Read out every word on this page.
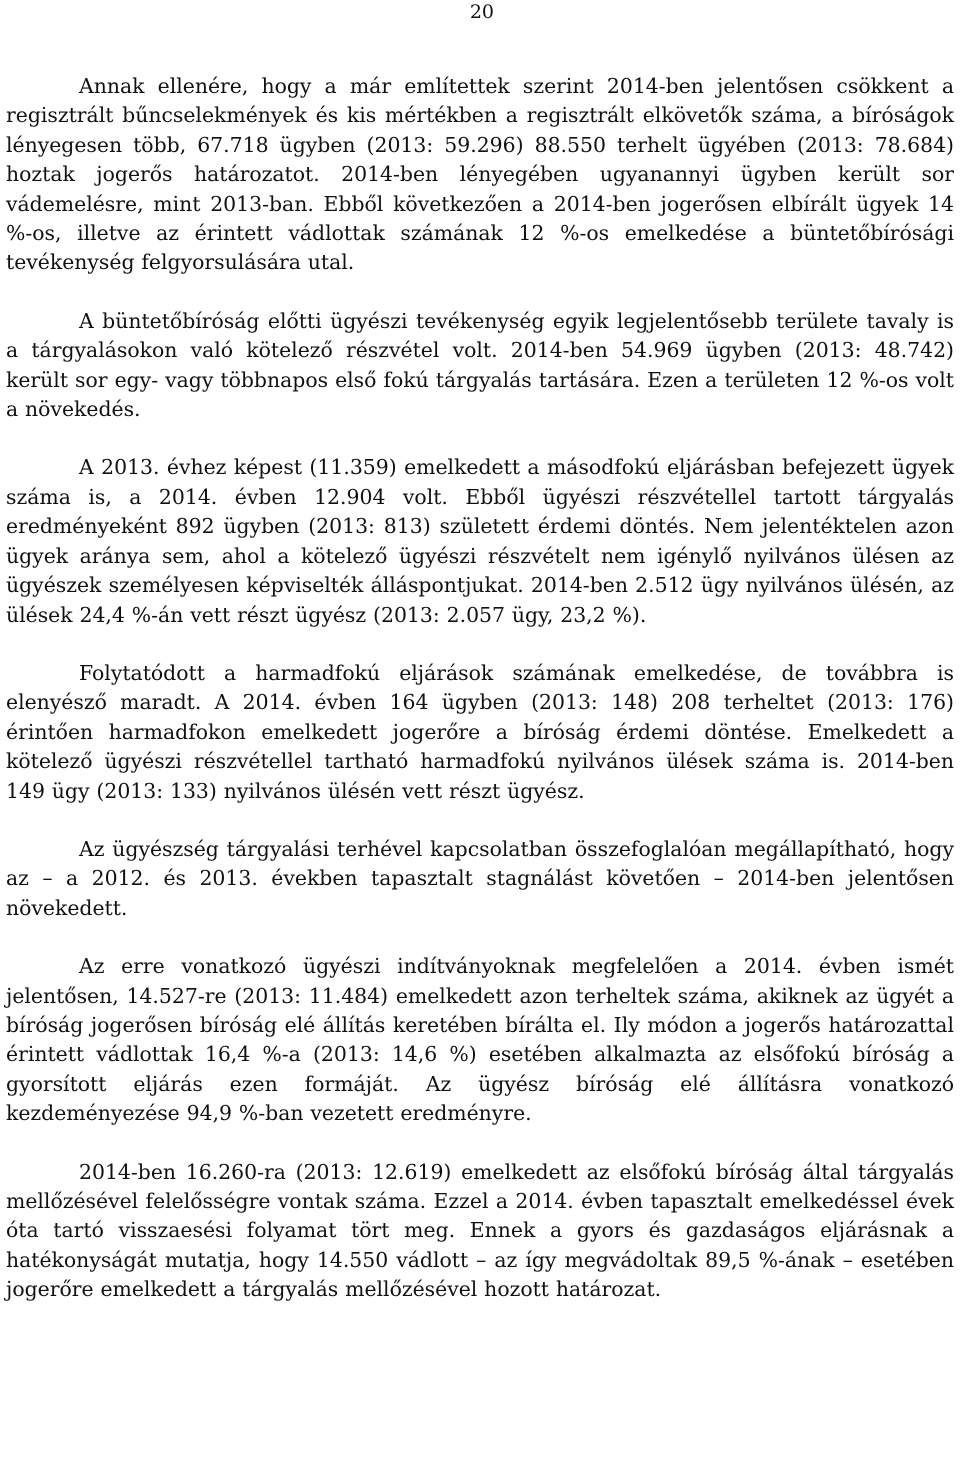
20

Annak ellenére, hogy a már említettek szerint 2014-ben jelentősen csökkent a regisztrált bűncselekmények és kis mértékben a regisztrált elkövetők száma, a bíróságok lényegesen több, 67.718 ügyben (2013: 59.296) 88.550 terhelt ügyében (2013: 78.684) hoztak jogerős határozatot. 2014-ben lényegében ugyanannyi ügyben került sor vádemelésre, mint 2013-ban. Ebből következően a 2014-ben jogerősen elbírált ügyek 14 %-os, illetve az érintett vádlottak számának 12 %-os emelkedése a büntetőbírósági tevékenység felgyorsulására utal.

A büntetőbíróság előtti ügyészi tevékenység egyik legjelentősebb területe tavaly is a tárgyalásokon való kötelező részvétel volt. 2014-ben 54.969 ügyben (2013: 48.742) került sor egy- vagy többnapos első fokú tárgyalás tartására. Ezen a területen 12 %-os volt a növekedés.

A 2013. évhez képest (11.359) emelkedett a másodfokú eljárásban befejezett ügyek száma is, a 2014. évben 12.904 volt. Ebből ügyészi részvétellel tartott tárgyalás eredményeként 892 ügyben (2013: 813) született érdemi döntés. Nem jelentéktelen azon ügyek aránya sem, ahol a kötelező ügyészi részvételt nem igénylő nyilvános ülésen az ügyészek személyesen képviselték álláspontjukat. 2014-ben 2.512 ügy nyilvános ülésén, az ülések 24,4 %-án vett részt ügyész (2013: 2.057 ügy, 23,2 %).

Folytatódott a harmadfokú eljárások számának emelkedése, de továbbra is elenyésző maradt. A 2014. évben 164 ügyben (2013: 148) 208 terheltet (2013: 176) érintően harmadfokon emelkedett jogerőre a bíróság érdemi döntése. Emelkedett a kötelező ügyészi részvétellel tartható harmadfokú nyilvános ülések száma is. 2014-ben 149 ügy (2013: 133) nyilvános ülésén vett részt ügyész.

Az ügyészség tárgyalási terhével kapcsolatban összefoglalóan megállapítható, hogy az – a 2012. és 2013. években tapasztalt stagnálást követően – 2014-ben jelentősen növekedett.

Az erre vonatkozó ügyészi indítványoknak megfelelően a 2014. évben ismét jelentősen, 14.527-re (2013: 11.484) emelkedett azon terheltek száma, akiknek az ügyét a bíróság jogerősen bíróság elé állítás keretében bírálta el. Ily módon a jogerős határozattal érintett vádlottak 16,4 %-a (2013: 14,6 %) esetében alkalmazta az elsőfokú bíróság a gyorsított eljárás ezen formáját. Az ügyész bíróság elé állításra vonatkozó kezdeményezése 94,9 %-ban vezetett eredményre.

2014-ben 16.260-ra (2013: 12.619) emelkedett az elsőfokú bíróság által tárgyalás mellőzésével felelősségre vontak száma. Ezzel a 2014. évben tapasztalt emelkedéssel évek óta tartó visszaesési folyamat tört meg. Ennek a gyors és gazdaságos eljárásnak a hatékonyságát mutatja, hogy 14.550 vádlott – az így megvádoltak 89,5 %-ának – esetében jogerőre emelkedett a tárgyalás mellőzésével hozott határozat.
